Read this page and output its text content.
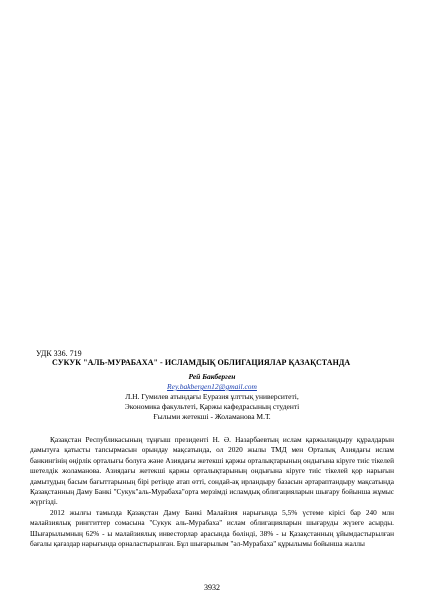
УДК 336. 719
СУКУК "АЛЬ-МУРАБАХА" - ИСЛАМДЫҚ ОБЛИГАЦИЯЛАР ҚАЗАҚСТАНДА
Рей Бакберген
Rey.bakbergen12@gmail.com
Л.Н. Гумилев атындағы Еуразия ұлттық университеті,
Экономика факультеті, Қаржы кафедрасының студенті
Ғылыми жетекші - Жоламанова М.Т.

Қазақстан Республикасының тұңғыш президенті Н. Ә. Назарбаевтың ислам қаржыландыру құралдарын дамытуға қатысты тапсырмасын орындау мақсатында, ол 2020 жылы ТМД мен Орталық Азиядағы ислам банкингінің өңірлік орталығы болуға және Азиядағы жетекші қаржы орталықтарының ондығына кіруге тиіс тікелей шетелдік жоламанова. Азиядағы жетекші қаржы орталықтарының ондығына кіруге тиіс тікелей қор нарығын дамытудың басым бағыттарының бірі ретінде атап өтті, сондай-ақ ирландыру базасын әртараптандыру мақсатында Қазақстанның Даму Банкі "Сукук"аль-Мурабаха"орта мерзімді исламдық облигацияларын шығару бойынша жұмыс жүргізді.

2012 жылғы тамызда Қазақстан Даму Банкі Малайзия нарығында 5,5% үстеме кірісі бар 240 млн малайзиялық ринггиттер сомасына "Сукук аль-Мурабаха" ислам облигацияларын шығаруды жүзеге асырды. Шығарылымның 62% - ы малайзиялық инвесторлар арасында бөлінді, 38% - ы Қазақстанның ұйымдастырылған бағалы қағаздар нарығында орналастырылған. Бұл шығарылым "әл-Мурабаха" құрылымы бойынша жаллы

3932
